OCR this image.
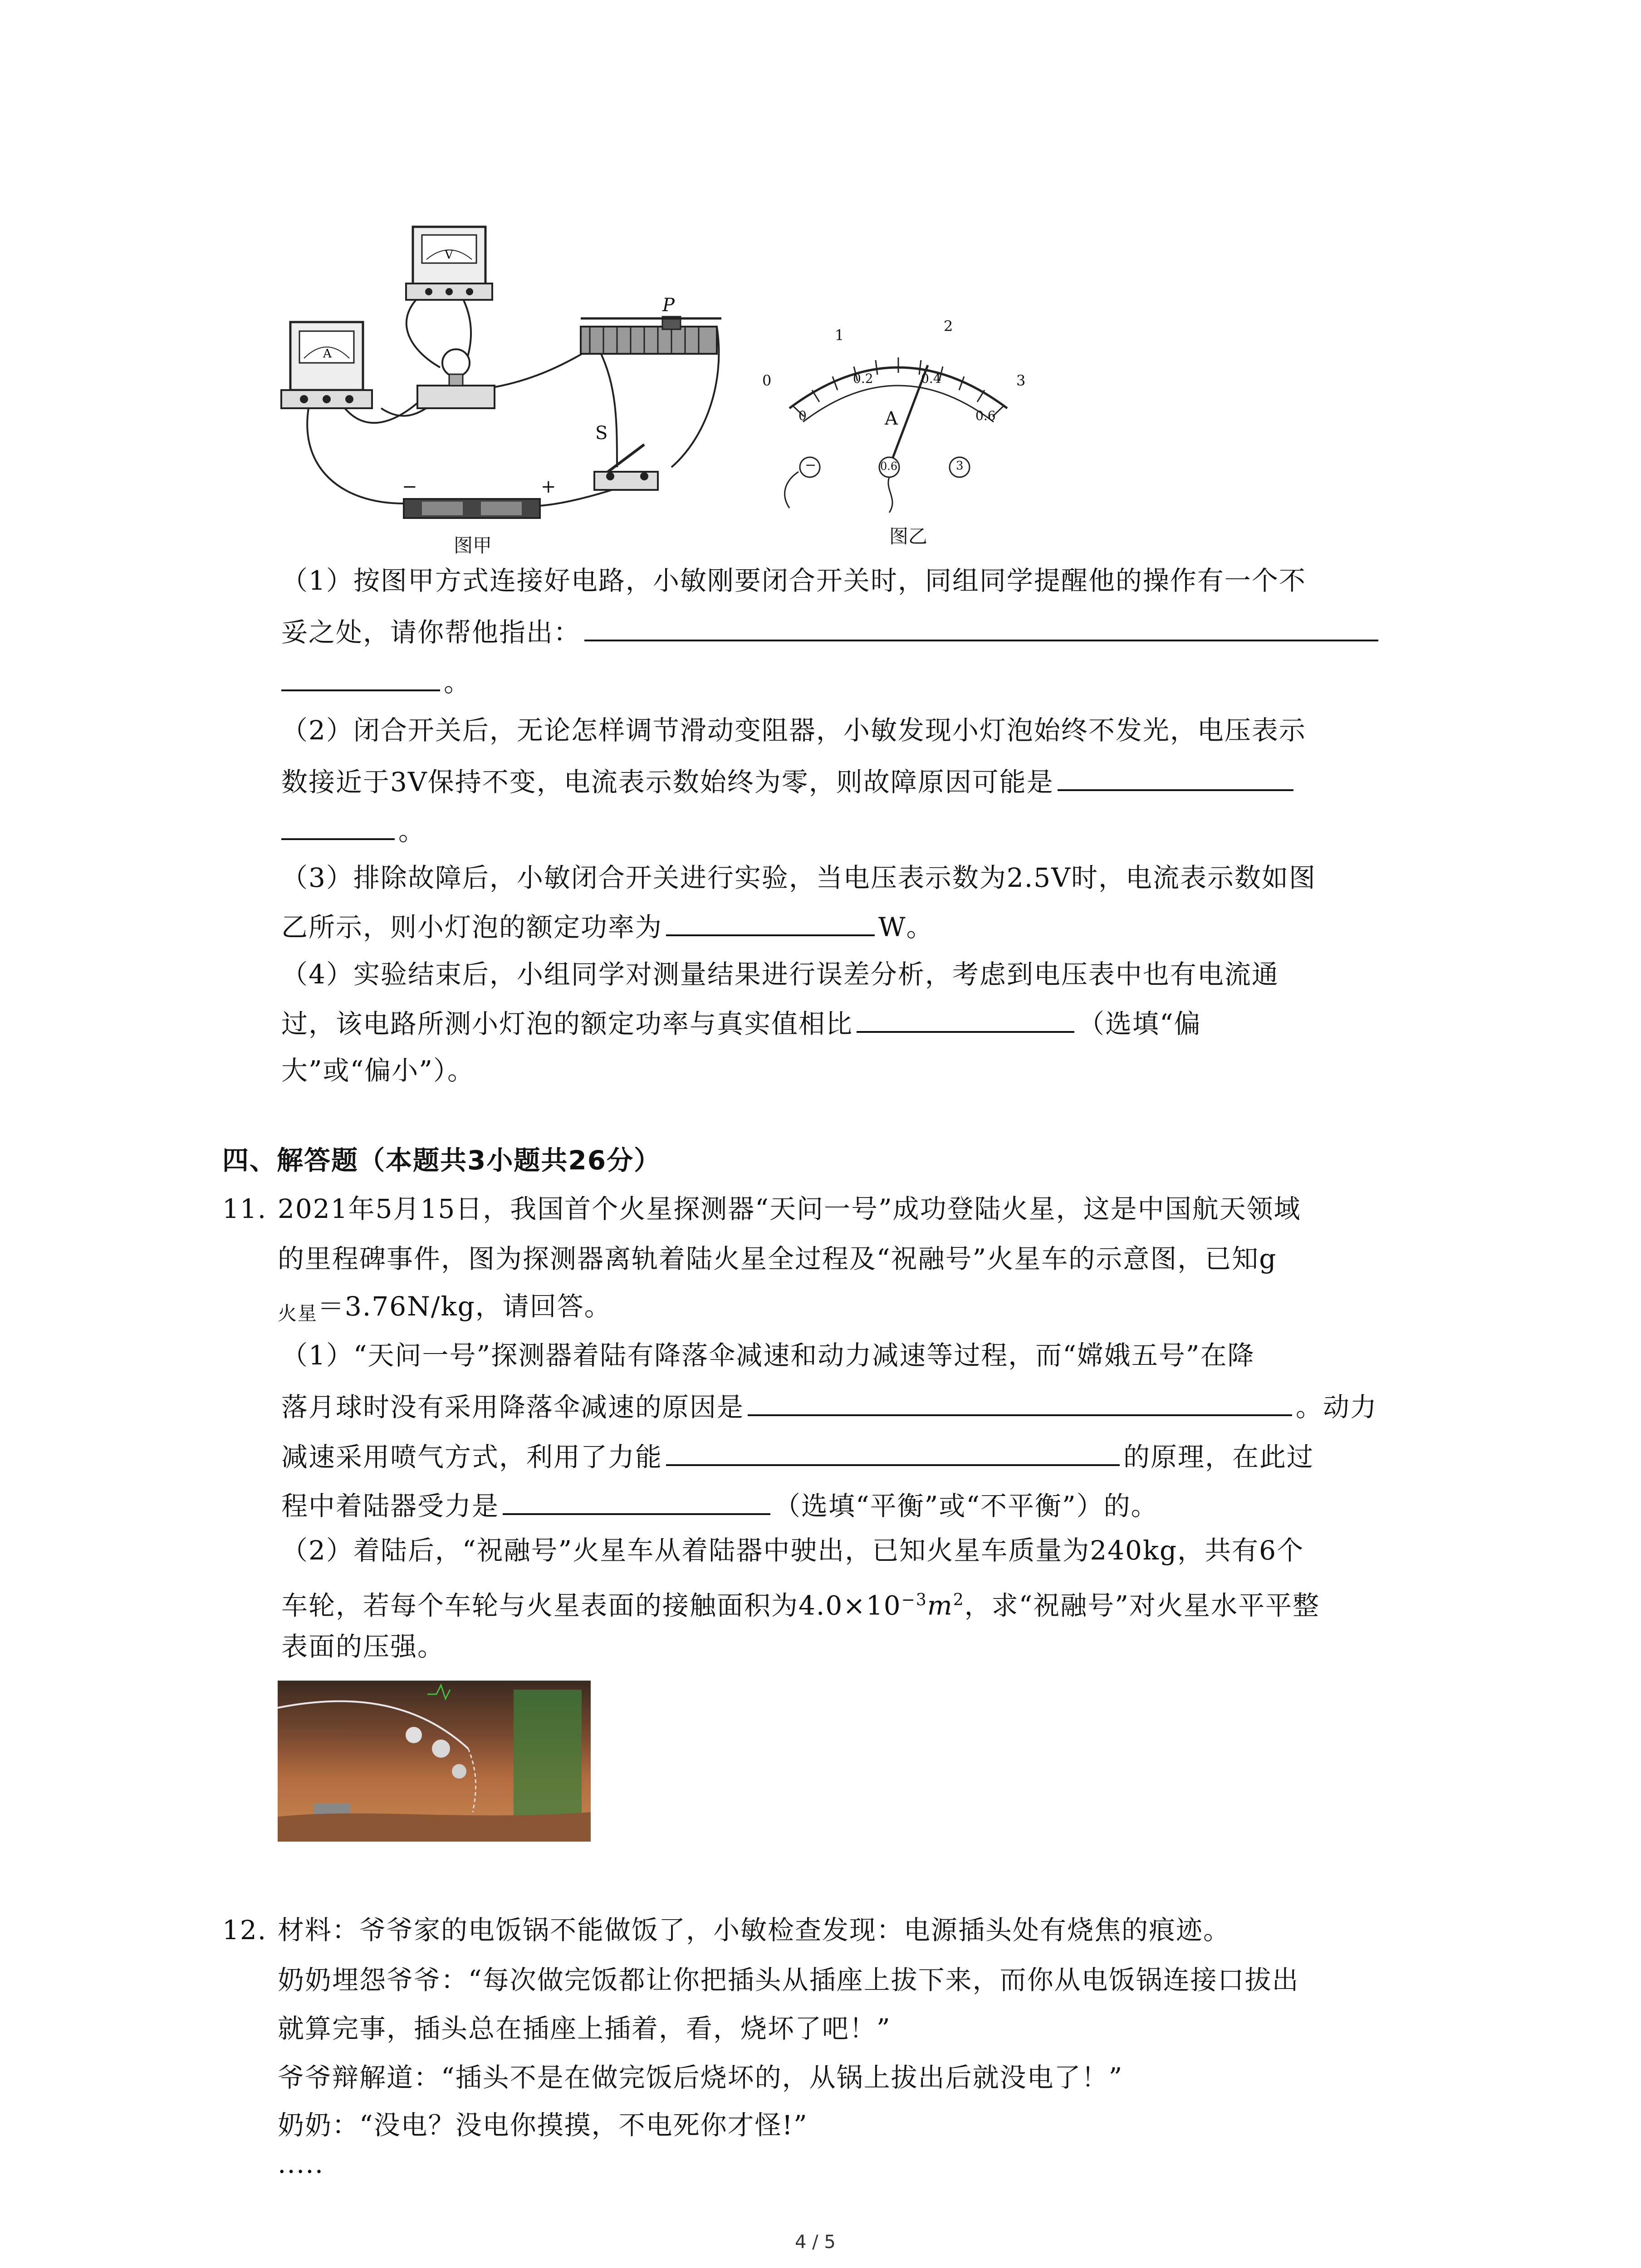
A
V
P
S
−	+
图甲
0
1
2
3
0
0.2	0.4
0.6
A
−	0.6	3
图乙
（1）按图甲方式连接好电路，小敏刚要闭合开关时，同组同学提醒他的操作有一个不
妥之处，请你帮他指出：
。
（2）闭合开关后，无论怎样调节滑动变阻器，小敏发现小灯泡始终不发光，电压表示
数接近于3V保持不变，电流表示数始终为零，则故障原因可能是
。
（3）排除故障后，小敏闭合开关进行实验，当电压表示数为2.5V时，电流表示数如图
乙所示，则小灯泡的额定功率为	W。
（4）实验结束后，小组同学对测量结果进行误差分析，考虑到电压表中也有电流通
过，该电路所测小灯泡的额定功率与真实值相比	（选填“偏
大”或“偏小”）。
四、解答题（本题共3小题共26分）
11. 2021年5月15日，我国首个火星探测器“天问一号”成功登陆火星，这是中国航天领域
的里程碑事件，图为探测器离轨着陆火星全过程及“祝融号”火星车的示意图，已知g
火星＝3.76N/kg，请回答。
（1）“天问一号”探测器着陆有降落伞减速和动力减速等过程，而“嫦娥五号”在降
落月球时没有采用降落伞减速的原因是	。动力
减速采用喷气方式，利用了力能	的原理，在此过
程中着陆器受力是	（选填“平衡”或“不平衡”）的。
（2）着陆后，“祝融号”火星车从着陆器中驶出，已知火星车质量为240kg，共有6个
车轮，若每个车轮与火星表面的接触面积为$4.0\times 10^{-3}m^2$，求“祝融号”对火星水平平整
表面的压强。
12. 材料：爷爷家的电饭锅不能做饭了，小敏检查发现：电源插头处有烧焦的痕迹。
奶奶埋怨爷爷：“每次做完饭都让你把插头从插座上拔下来，而你从电饭锅连接口拔出
就算完事，插头总在插座上插着，看，烧坏了吧！”
爷爷辩解道：“插头不是在做完饭后烧坏的，从锅上拔出后就没电了！”
奶奶：“没电？没电你摸摸，不电死你才怪!”
.....
4 / 5
